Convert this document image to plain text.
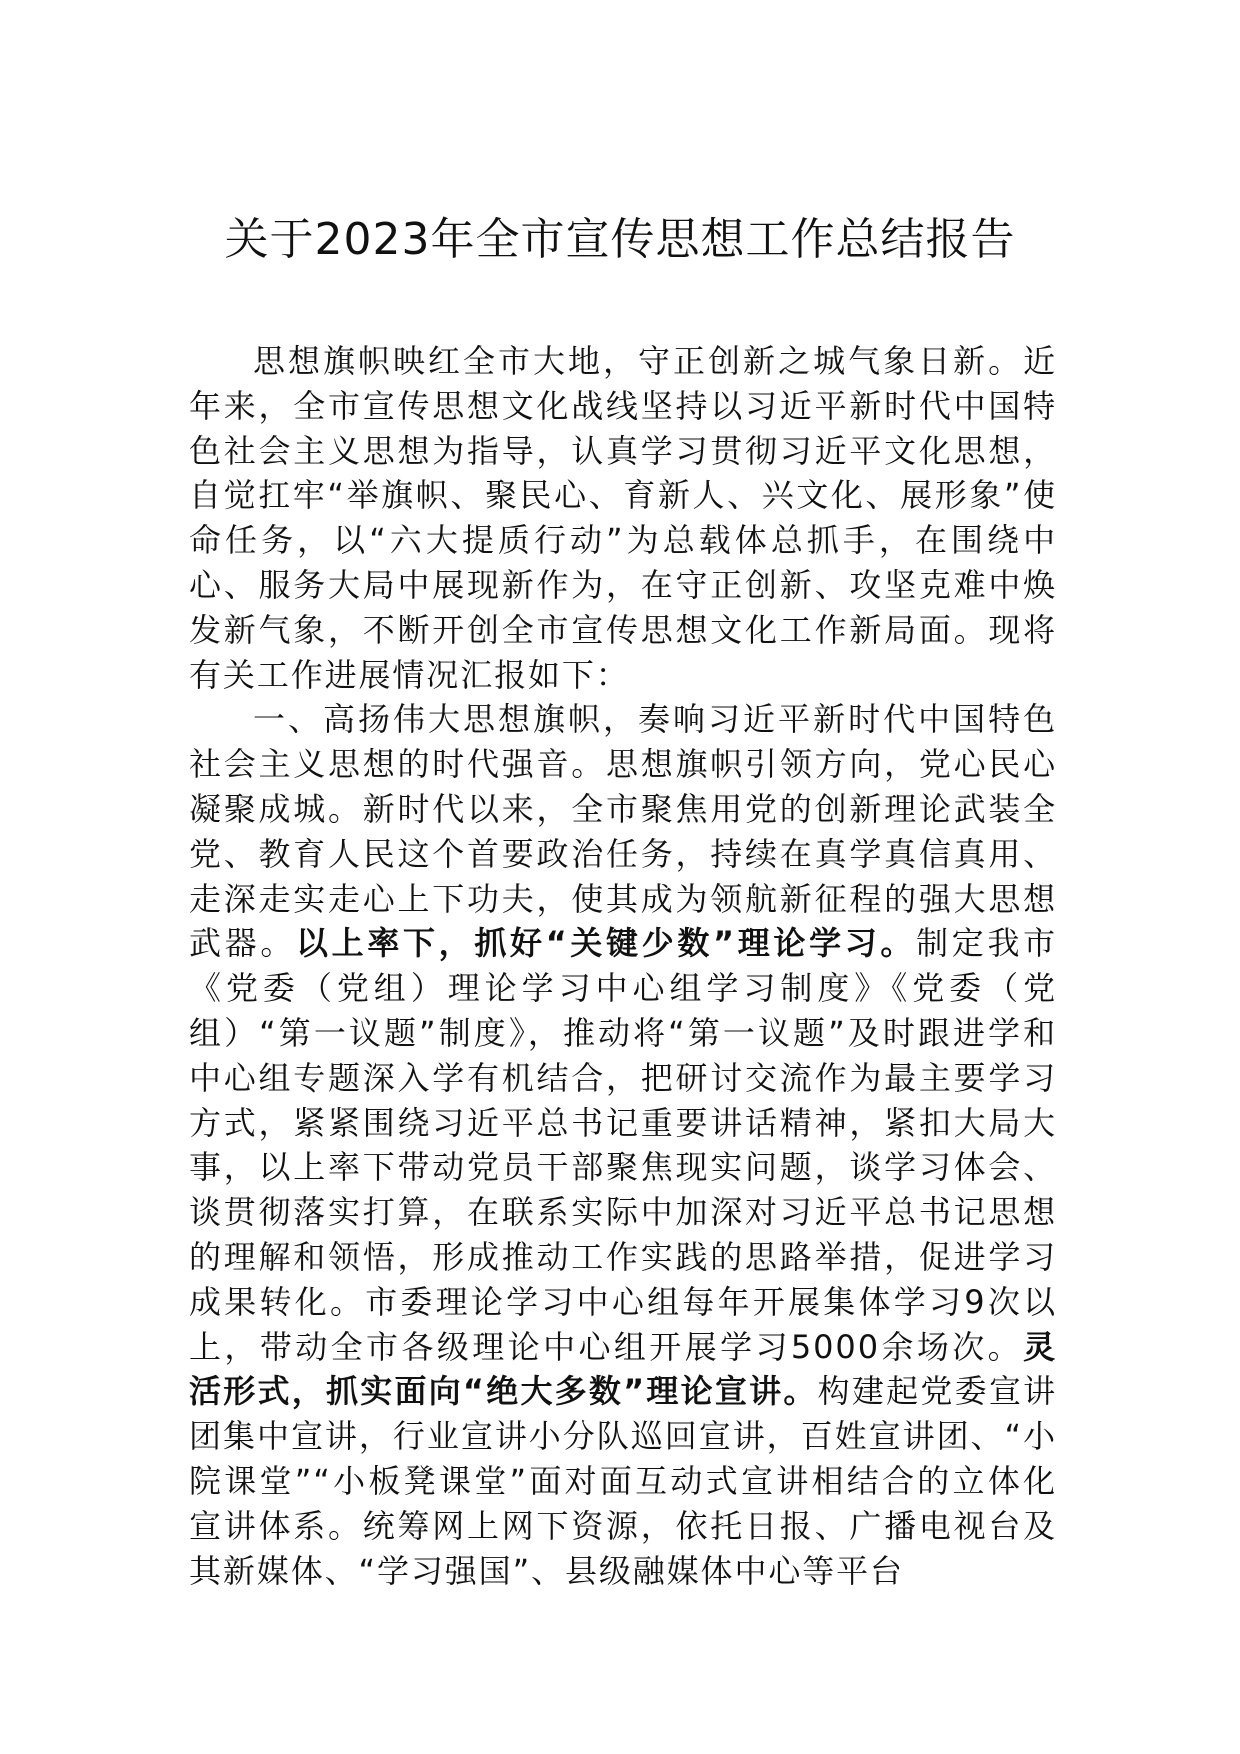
关于2023年全市宣传思想工作总结报告

思想旗帜映红全市大地，守正创新之城气象日新。近年来，全市宣传思想文化战线坚持以习近平新时代中国特色社会主义思想为指导，认真学习贯彻习近平文化思想，自觉扛牢“举旗帜、聚民心、育新人、兴文化、展形象”使命任务，以“六大提质行动”为总载体总抓手，在围绕中心、服务大局中展现新作为，在守正创新、攻坚克难中焕发新气象，不断开创全市宣传思想文化工作新局面。现将有关工作进展情况汇报如下：

一、高扬伟大思想旗帜，奏响习近平新时代中国特色社会主义思想的时代强音。思想旗帜引领方向，党心民心凝聚成城。新时代以来，全市聚焦用党的创新理论武装全党、教育人民这个首要政治任务，持续在真学真信真用、走深走实走心上下功夫，使其成为领航新征程的强大思想武器。以上率下，抓好“关键少数”理论学习。制定我市《党委（党组）理论学习中心组学习制度》《党委（党组）“第一议题”制度》，推动将“第一议题”及时跟进学和中心组专题深入学有机结合，把研讨交流作为最主要学习方式，紧紧围绕习近平总书记重要讲话精神，紧扣大局大事，以上率下带动党员干部聚焦现实问题，谈学习体会、谈贯彻落实打算，在联系实际中加深对习近平总书记思想的理解和领悟，形成推动工作实践的思路举措，促进学习成果转化。市委理论学习中心组每年开展集体学习9次以上，带动全市各级理论中心组开展学习5000余场次。灵活形式，抓实面向“绝大多数”理论宣讲。构建起党委宣讲团集中宣讲，行业宣讲小分队巡回宣讲，百姓宣讲团、“小院课堂”“小板凳课堂”面对面互动式宣讲相结合的立体化宣讲体系。统筹网上网下资源，依托日报、广播电视台及其新媒体、“学习强国”、县级融媒体中心等平台
